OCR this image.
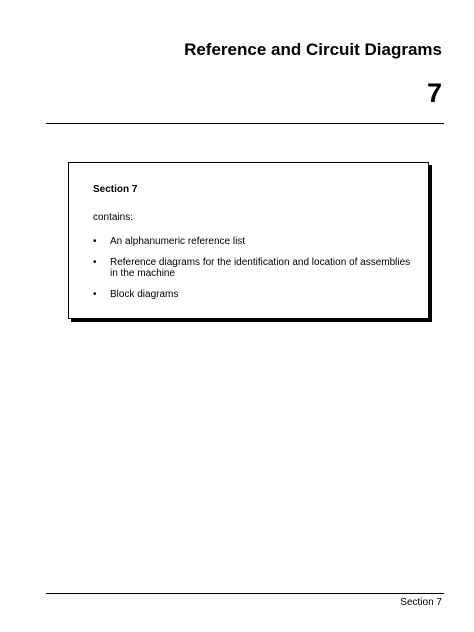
Reference and Circuit Diagrams
7
Section 7
contains:
• An alphanumeric reference list
• Reference diagrams for the identification and location of assemblies in the machine
• Block diagrams
Section 7
